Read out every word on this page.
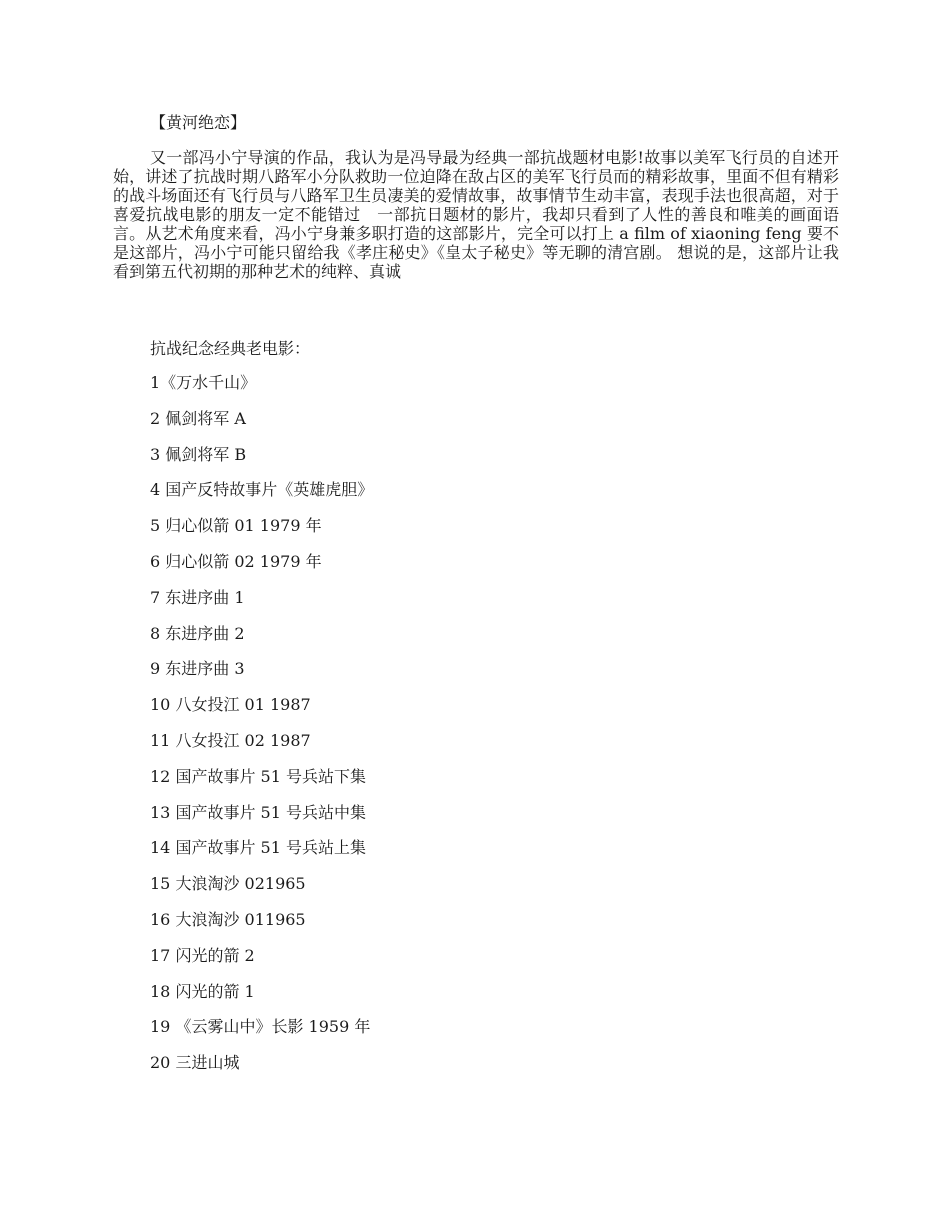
【黄河绝恋】

又一部冯小宁导演的作品，我认为是冯导最为经典一部抗战题材电影!故事以美军飞行员的自述开始，讲述了抗战时期八路军小分队救助一位迫降在敌占区的美军飞行员而的精彩故事，里面不但有精彩的战斗场面还有飞行员与八路军卫生员凄美的爱情故事，故事情节生动丰富，表现手法也很高超，对于喜爱抗战电影的朋友一定不能错过　一部抗日题材的影片，我却只看到了人性的善良和唯美的画面语言。从艺术角度来看，冯小宁身兼多职打造的这部影片，完全可以打上 a film of xiaoning feng 要不是这部片，冯小宁可能只留给我《孝庄秘史》《皇太子秘史》等无聊的清宫剧。 想说的是，这部片让我看到第五代初期的那种艺术的纯粹、真诚

抗战纪念经典老电影：

1《万水千山》
2 佩剑将军 A
3 佩剑将军 B
4 国产反特故事片《英雄虎胆》
5 归心似箭 01 1979 年
6 归心似箭 02 1979 年
7 东进序曲 1
8 东进序曲 2
9 东进序曲 3
10 八女投江 01 1987
11 八女投江 02 1987
12 国产故事片 51 号兵站下集
13 国产故事片 51 号兵站中集
14 国产故事片 51 号兵站上集
15 大浪淘沙 021965
16 大浪淘沙 011965
17 闪光的箭 2
18 闪光的箭 1
19 《云雾山中》长影 1959 年
20 三进山城
